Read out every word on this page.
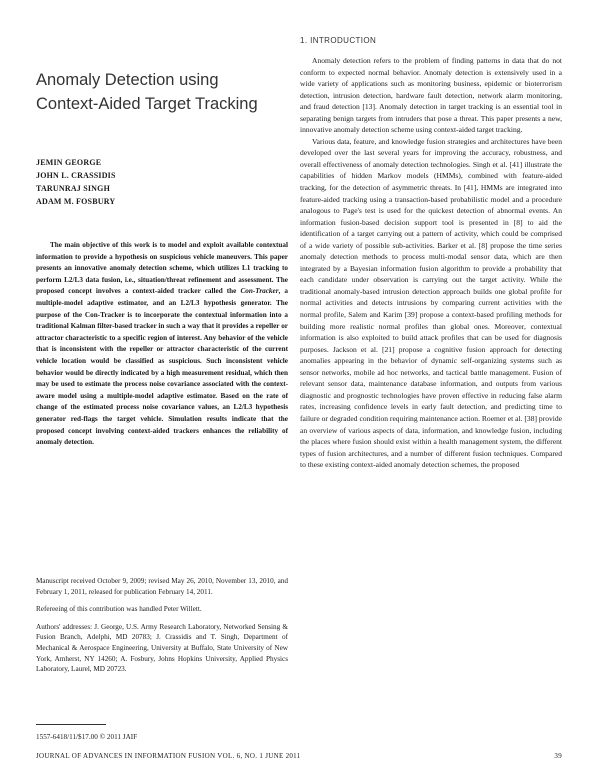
Anomaly Detection using
Context-Aided Target Tracking
JEMIN GEORGE
JOHN L. CRASSIDIS
TARUNRAJ SINGH
ADAM M. FOSBURY

The main objective of this work is to model and exploit available contextual information to provide a hypothesis on suspicious vehicle maneuvers. This paper presents an innovative anomaly detection scheme, which utilizes L1 tracking to perform L2/L3 data fusion, i.e., situation/threat refinement and assessment. The proposed concept involves a context-aided tracker called the Con-Tracker, a multiple-model adaptive estimator, and an L2/L3 hypothesis generator. The purpose of the Con-Tracker is to incorporate the contextual information into a traditional Kalman filter-based tracker in such a way that it provides a repeller or attractor characteristic to a specific region of interest. Any behavior of the vehicle that is inconsistent with the repeller or attractor characteristic of the current vehicle location would be classified as suspicious. Such inconsistent vehicle behavior would be directly indicated by a high measurement residual, which then may be used to estimate the process noise covariance associated with the context-aware model using a multiple-model adaptive estimator. Based on the rate of change of the estimated process noise covariance values, an L2/L3 hypothesis generator red-flags the target vehicle. Simulation results indicate that the proposed concept involving context-aided trackers enhances the reliability of anomaly detection.

Manuscript received October 9, 2009; revised May 26, 2010, November 13, 2010, and February 1, 2011, released for publication February 14, 2011.

Refereeing of this contribution was handled Peter Willett.

Authors' addresses: J. George, U.S. Army Research Laboratory, Networked Sensing & Fusion Branch, Adelphi, MD 20783; J. Crassidis and T. Singh, Department of Mechanical & Aerospace Engineering, University at Buffalo, State University of New York, Amherst, NY 14260; A. Fosbury, Johns Hopkins University, Applied Physics Laboratory, Laurel, MD 20723.

1557-6418/11/$17.00 © 2011 JAIF
1. INTRODUCTION

Anomaly detection refers to the problem of finding patterns in data that do not conform to expected normal behavior. Anomaly detection is extensively used in a wide variety of applications such as monitoring business, epidemic or bioterrorism detection, intrusion detection, hardware fault detection, network alarm monitoring, and fraud detection [13]. Anomaly detection in target tracking is an essential tool in separating benign targets from intruders that pose a threat. This paper presents a new, innovative anomaly detection scheme using context-aided target tracking.

Various data, feature, and knowledge fusion strategies and architectures have been developed over the last several years for improving the accuracy, robustness, and overall effectiveness of anomaly detection technologies. Singh et al. [41] illustrate the capabilities of hidden Markov models (HMMs), combined with feature-aided tracking, for the detection of asymmetric threats. In [41], HMMs are integrated into feature-aided tracking using a transaction-based probabilistic model and a procedure analogous to Page's test is used for the quickest detection of abnormal events. An information fusion-based decision support tool is presented in [8] to aid the identification of a target carrying out a pattern of activity, which could be comprised of a wide variety of possible sub-activities. Barker et al. [8] propose the time series anomaly detection methods to process multi-modal sensor data, which are then integrated by a Bayesian information fusion algorithm to provide a probability that each candidate under observation is carrying out the target activity. While the traditional anomaly-based intrusion detection approach builds one global profile for normal activities and detects intrusions by comparing current activities with the normal profile, Salem and Karim [39] propose a context-based profiling methods for building more realistic normal profiles than global ones. Moreover, contextual information is also exploited to build attack profiles that can be used for diagnosis purposes. Jackson et al. [21] propose a cognitive fusion approach for detecting anomalies appearing in the behavior of dynamic self-organizing systems such as sensor networks, mobile ad hoc networks, and tactical battle management. Fusion of relevant sensor data, maintenance database information, and outputs from various diagnostic and prognostic technologies have proven effective in reducing false alarm rates, increasing confidence levels in early fault detection, and predicting time to failure or degraded condition requiring maintenance action. Roemer et al. [38] provide an overview of various aspects of data, information, and knowledge fusion, including the places where fusion should exist within a health management system, the different types of fusion architectures, and a number of different fusion techniques. Compared to these existing context-aided anomaly detection schemes, the proposed

JOURNAL OF ADVANCES IN INFORMATION FUSION VOL. 6, NO. 1 JUNE 2011	39
